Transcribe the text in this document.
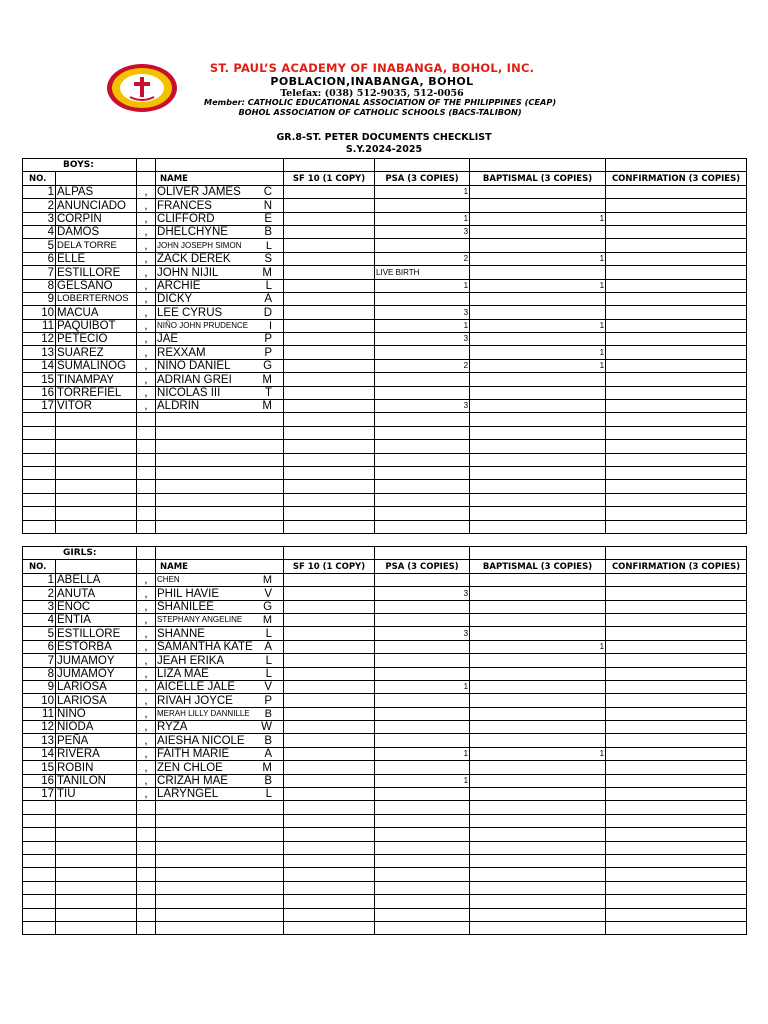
ST. PAUL’S ACADEMY OF INABANGA, BOHOL, INC.
POBLACION,INABANGA, BOHOL
Telefax: (038) 512-9035, 512-0056
Member: CATHOLIC EDUCATIONAL ASSOCIATION OF THE PHILIPPINES (CEAP)
BOHOL ASSOCIATION OF CATHOLIC SCHOOLS (BACS-TALIBON)
GR.8-ST. PETER DOCUMENTS CHECKLIST
S.Y.2024-2025
BOYS:							
NO.			NAME	SF 10 (1 COPY)	PSA (3 COPIES)	BAPTISMAL (3 COPIES)	CONFIRMATION (3 COPIES)
1	ALPAS	,	OLIVER JAMES C		1		
2	ANUNCIADO	,	FRANCES N				

3	CORPIN	,	CLIFFORD E		1	1	
4	DAMOS	,	DHELCHYNE B		3		
5	DELA TORRE	,	JOHN JOSEPH SIMON L				

6	ELLE	,	ZACK DEREK S		2	1	
7	ESTILLORE	,	JOHN NIJIL M		LIVE BIRTH		
8	GELSANO	,	ARCHIE L		1	1	
9	LOBERTERNOS	,	DICKY A				

10	MACUA	,	LEE CYRUS D		3		
11	PAQUIBOT	,	NIÑO JOHN PRUDENCE I		1	1	
12	PETECIO	,	JAE P		3		
13	SUAREZ	,	REXXAM P			1	
14	SUMALINOG	,	NIÑO DANIEL G		2	1	
15	TINAMPAY	,	ADRIAN GREI M				

16	TORREFIEL	,	NICOLAS III T				

17	VITOR	,	ALDRIN M		3		

GIRLS:							
NO.			NAME	SF 10 (1 COPY)	PSA (3 COPIES)	BAPTISMAL (3 COPIES)	CONFIRMATION (3 COPIES)
1	ABELLA	,	CHEN M				

2	ANUTA	,	PHIL HAVIE V		3		
3	ENOC	,	SHANILEE G				

4	ENTIA	,	STEPHANY ANGELINE M				

5	ESTILLORE	,	SHANNE L		3		
6	ESTORBA	,	SAMANTHA KATE A			1	
7	JUMAMOY	,	JEAH ERIKA L				

8	JUMAMOY	,	LIZA MAE L				

9	LARIOSA	,	AICELLE JALE V		1		
10	LARIOSA	,	RIVAH JOYCE P				

11	NIÑO	,	MERAH LILLY DANNILLE B				

12	NIODA	,	RYZA W				

13	PEÑA	,	AIESHA NICOLE B				

14	RIVERA	,	FAITH MARIE A		1	1	
15	ROBIN	,	ZEN CHLOE M				

16	TANILON	,	CRIZAH MAE B		1		
17	TIU	,	LARYNGEL L				
